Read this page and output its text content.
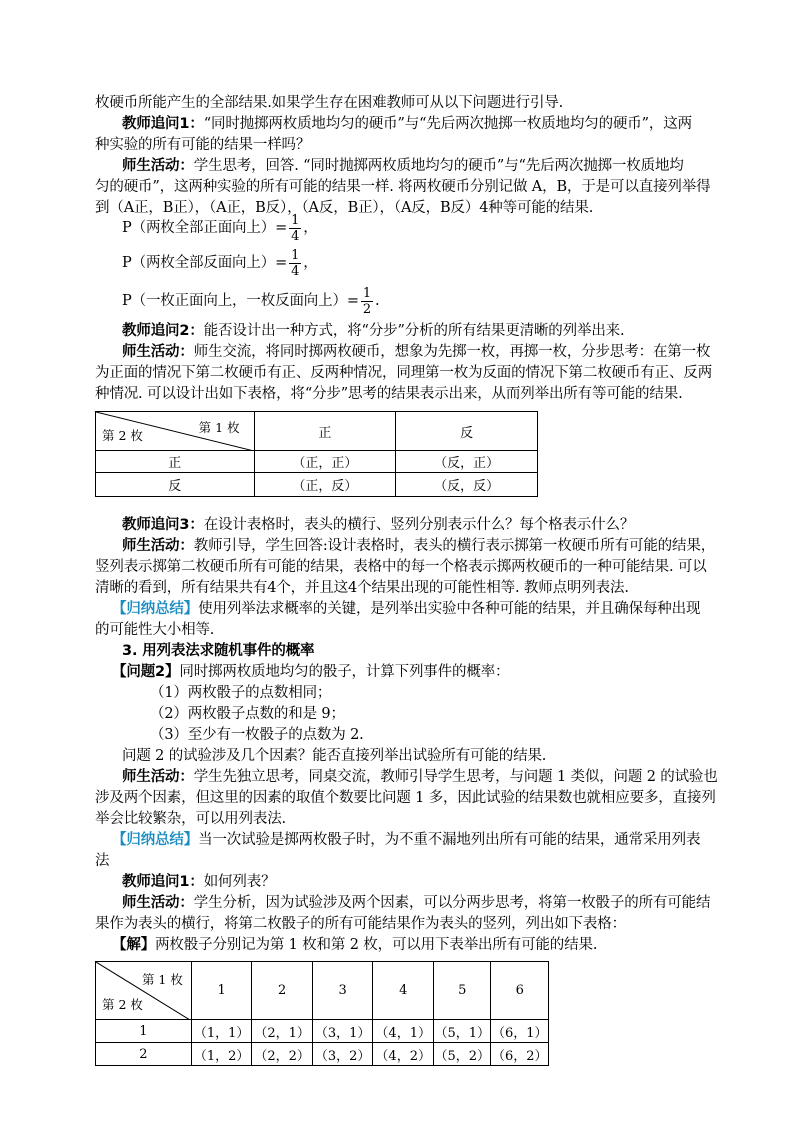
枚硬币所能产生的全部结果.如果学生存在困难教师可从以下问题进行引导.
教师追问1：“同时抛掷两枚质地均匀的硬币”与“先后两次抛掷一枚质地均匀的硬币”，这两
种实验的所有可能的结果一样吗？
师生活动：学生思考，回答. “同时抛掷两枚质地均匀的硬币”与“先后两次抛掷一枚质地均
匀的硬币”，这两种实验的所有可能的结果一样. 将两枚硬币分别记做 A，B，于是可以直接列举得
到（A正，B正），（A正，B反），（A反，B正），（A反，B反）4种等可能的结果.
P（两枚全部正面向上）= $\frac{1}{4}$ ，
P（两枚全部反面向上）= $\frac{1}{4}$ ，
P（一枚正面向上，一枚反面向上）= $\frac{1}{2}$ .
教师追问2：能否设计出一种方式，将“分步”分析的所有结果更清晰的列举出来.
师生活动：师生交流，将同时掷两枚硬币，想象为先掷一枚，再掷一枚，分步思考：在第一枚
为正面的情况下第二枚硬币有正、反两种情况，同理第一枚为反面的情况下第二枚硬币有正、反两
种情况. 可以设计出如下表格，将“分步”思考的结果表示出来，从而列举出所有等可能的结果.
第 1 枚
第 2 枚	正	反
正	（正，正）	（反，正）
反	（正，反）	（反，反）
教师追问3：在设计表格时，表头的横行、竖列分别表示什么？每个格表示什么？
师生活动：教师引导，学生回答:设计表格时，表头的横行表示掷第一枚硬币所有可能的结果，
竖列表示掷第二枚硬币所有可能的结果，表格中的每一个格表示掷两枚硬币的一种可能结果. 可以
清晰的看到，所有结果共有4个，并且这4个结果出现的可能性相等. 教师点明列表法.
【归纳总结】使用列举法求概率的关键，是列举出实验中各种可能的结果，并且确保每种出现
的可能性大小相等.
3. 用列表法求随机事件的概率
【问题2】同时掷两枚质地均匀的骰子，计算下列事件的概率：
（1）两枚骰子的点数相同；
（2）两枚骰子点数的和是 9；
（3）至少有一枚骰子的点数为 2.
问题 2 的试验涉及几个因素？能否直接列举出试验所有可能的结果.
师生活动：学生先独立思考，同桌交流，教师引导学生思考，与问题 1 类似，问题 2 的试验也
涉及两个因素，但这里的因素的取值个数要比问题 1 多，因此试验的结果数也就相应要多，直接列
举会比较繁杂，可以用列表法.
【归纳总结】当一次试验是掷两枚骰子时，为不重不漏地列出所有可能的结果，通常采用列表
法
教师追问1：如何列表？
师生活动：学生分析，因为试验涉及两个因素，可以分两步思考，将第一枚骰子的所有可能结
果作为表头的横行，将第二枚骰子的所有可能结果作为表头的竖列，列出如下表格：
【解】两枚骰子分别记为第 1 枚和第 2 枚，可以用下表举出所有可能的结果.
第 1 枚
第 2 枚	1	2	3	4	5	6
1	（1，1）	（2，1）	（3，1）	（4，1）	（5，1）	（6，1）
2	（1，2）	（2，2）	（3，2）	（4，2）	（5，2）	（6，2）
